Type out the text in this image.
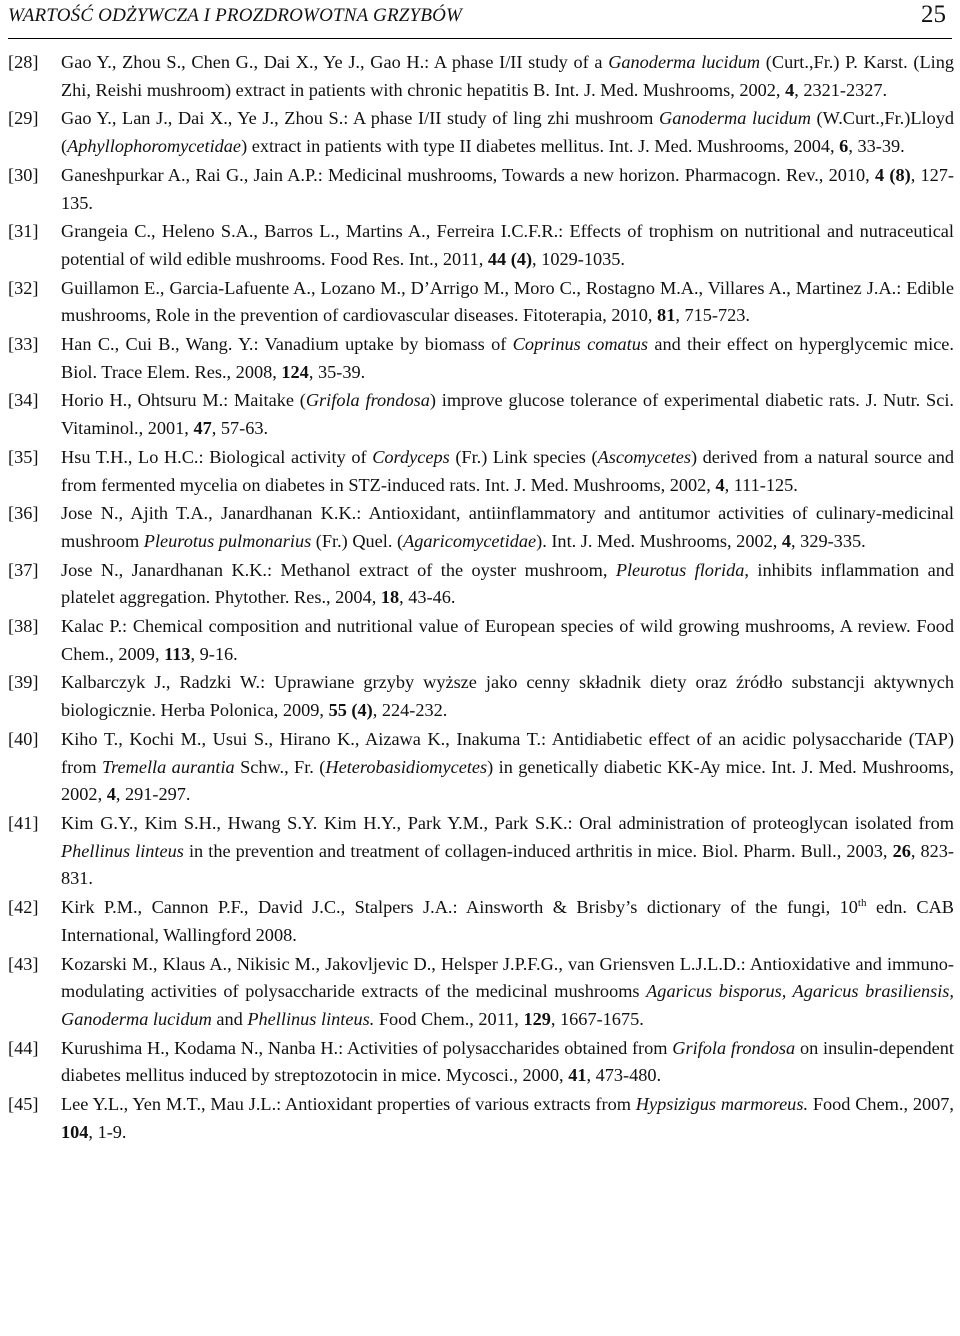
WARTOŚĆ ODŻYWCZA I PROZDROWOTNA GRZYBÓW	25
[28] Gao Y., Zhou S., Chen G., Dai X., Ye J., Gao H.: A phase I/II study of a Ganoderma lucidum (Curt.,Fr.) P. Karst. (Ling Zhi, Reishi mushroom) extract in patients with chronic hepatitis B. Int. J. Med. Mushrooms, 2002, 4, 2321-2327.
[29] Gao Y., Lan J., Dai X., Ye J., Zhou S.: A phase I/II study of ling zhi mushroom Ganoderma lucidum (W.Curt.,Fr.)Lloyd (Aphyllophoromycetidae) extract in patients with type II diabetes mellitus. Int. J. Med. Mushrooms, 2004, 6, 33-39.
[30] Ganeshpurkar A., Rai G., Jain A.P.: Medicinal mushrooms, Towards a new horizon. Pharmacogn. Rev., 2010, 4 (8), 127-135.
[31] Grangeia C., Heleno S.A., Barros L., Martins A., Ferreira I.C.F.R.: Effects of trophism on nutritional and nutraceutical potential of wild edible mushrooms. Food Res. Int., 2011, 44 (4), 1029-1035.
[32] Guillamon E., Garcia-Lafuente A., Lozano M., D’Arrigo M., Moro C., Rostagno M.A., Villares A., Martinez J.A.: Edible mushrooms, Role in the prevention of cardiovascular diseases. Fitoterapia, 2010, 81, 715-723.
[33] Han C., Cui B., Wang. Y.: Vanadium uptake by biomass of Coprinus comatus and their effect on hyperglycemic mice. Biol. Trace Elem. Res., 2008, 124, 35-39.
[34] Horio H., Ohtsuru M.: Maitake (Grifola frondosa) improve glucose tolerance of experimental diabetic rats. J. Nutr. Sci. Vitaminol., 2001, 47, 57-63.
[35] Hsu T.H., Lo H.C.: Biological activity of Cordyceps (Fr.) Link species (Ascomycetes) derived from a natural source and from fermented mycelia on diabetes in STZ-induced rats. Int. J. Med. Mushrooms, 2002, 4, 111-125.
[36] Jose N., Ajith T.A., Janardhanan K.K.: Antioxidant, antiinflammatory and antitumor activities of culinary-medicinal mushroom Pleurotus pulmonarius (Fr.) Quel. (Agaricomycetidae). Int. J. Med. Mushrooms, 2002, 4, 329-335.
[37] Jose N., Janardhanan K.K.: Methanol extract of the oyster mushroom, Pleurotus florida, inhibits inflammation and platelet aggregation. Phytother. Res., 2004, 18, 43-46.
[38] Kalac P.: Chemical composition and nutritional value of European species of wild growing mushrooms, A review. Food Chem., 2009, 113, 9-16.
[39] Kalbarczyk J., Radzki W.: Uprawiane grzyby wyższe jako cenny składnik diety oraz źródło substancji aktywnych biologicznie. Herba Polonica, 2009, 55 (4), 224-232.
[40] Kiho T., Kochi M., Usui S., Hirano K., Aizawa K., Inakuma T.: Antidiabetic effect of an acidic polysaccharide (TAP) from Tremella aurantia Schw., Fr. (Heterobasidiomycetes) in genetically diabetic KK-Ay mice. Int. J. Med. Mushrooms, 2002, 4, 291-297.
[41] Kim G.Y., Kim S.H., Hwang S.Y. Kim H.Y., Park Y.M., Park S.K.: Oral administration of proteoglycan isolated from Phellinus linteus in the prevention and treatment of collagen-induced arthritis in mice. Biol. Pharm. Bull., 2003, 26, 823-831.
[42] Kirk P.M., Cannon P.F., David J.C., Stalpers J.A.: Ainsworth & Brisby’s dictionary of the fungi, 10th edn. CAB International, Wallingford 2008.
[43] Kozarski M., Klaus A., Nikisic M., Jakovljevic D., Helsper J.P.F.G., van Griensven L.J.L.D.: Antioxidative and immuno-modulating activities of polysaccharide extracts of the medicinal mushrooms Agaricus bisporus, Agaricus brasiliensis, Ganoderma lucidum and Phellinus linteus. Food Chem., 2011, 129, 1667-1675.
[44] Kurushima H., Kodama N., Nanba H.: Activities of polysaccharides obtained from Grifola frondosa on insulin-dependent diabetes mellitus induced by streptozotocin in mice. Mycosci., 2000, 41, 473-480.
[45] Lee Y.L., Yen M.T., Mau J.L.: Antioxidant properties of various extracts from Hypsizigus marmoreus. Food Chem., 2007, 104, 1-9.
